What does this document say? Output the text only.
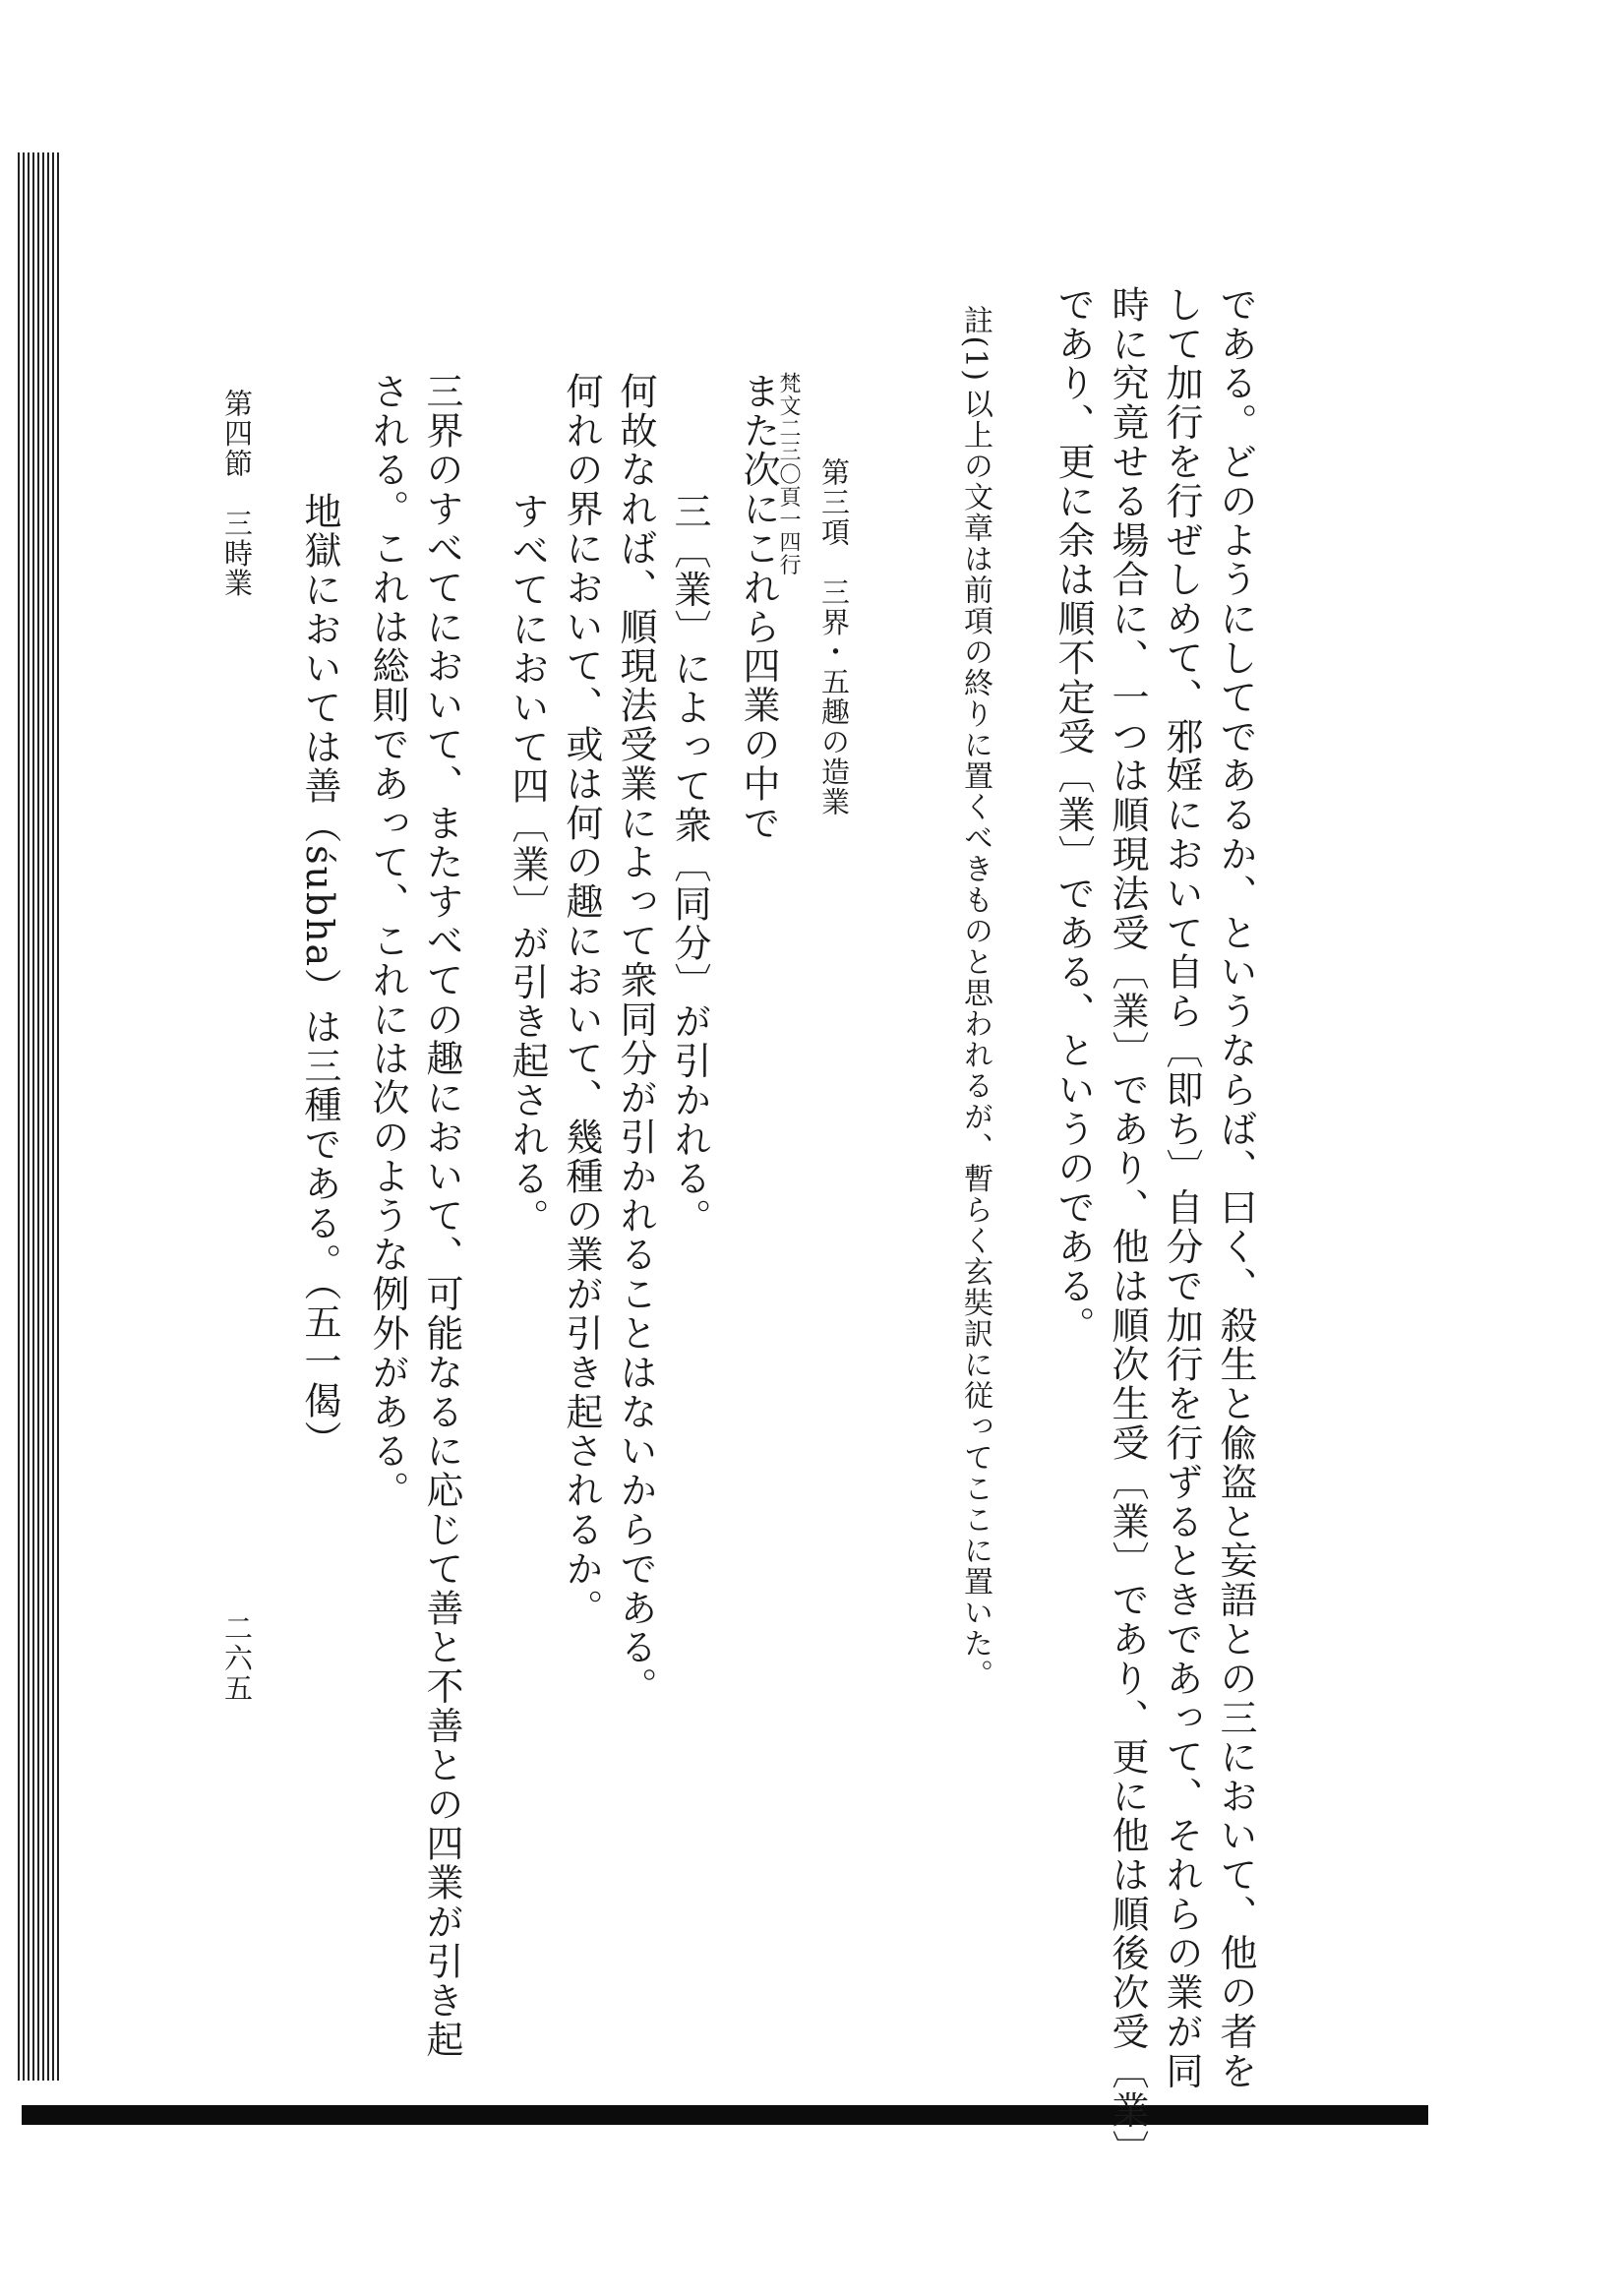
である。どのようにしてであるか、というならば、曰く、殺生と偸盗と妄語との三において、他の者を
して加行を行ぜしめて、邪婬において自ら〔即ち〕自分で加行を行ずるときであって、それらの業が同
時に究竟せる場合に、一つは順現法受〔業〕であり、他は順次生受〔業〕であり、更に他は順後次受〔業〕
であり、更に余は順不定受〔業〕である、というのである。
註(1)
以上の文章は前項の終りに置くべきものと思われるが、暫らく玄奘訳に従ってここに置いた。
第三項　三界・五趣の造業
梵文二三〇頁一四行
また次にこれら四業の中で
三〔業〕によって衆〔同分〕が引かれる。
何故なれば、順現法受業によって衆同分が引かれることはないからである。
何れの界において、或は何の趣において、幾種の業が引き起されるか。
すべてにおいて四〔業〕が引き起される。
三界のすべてにおいて、またすべての趣において、可能なるに応じて善と不善との四業が引き起
される。これは総則であって、これには次のような例外がある。
地獄においては善（śubha）は三種である。（五一偈）
第四節　三時業
二六五
